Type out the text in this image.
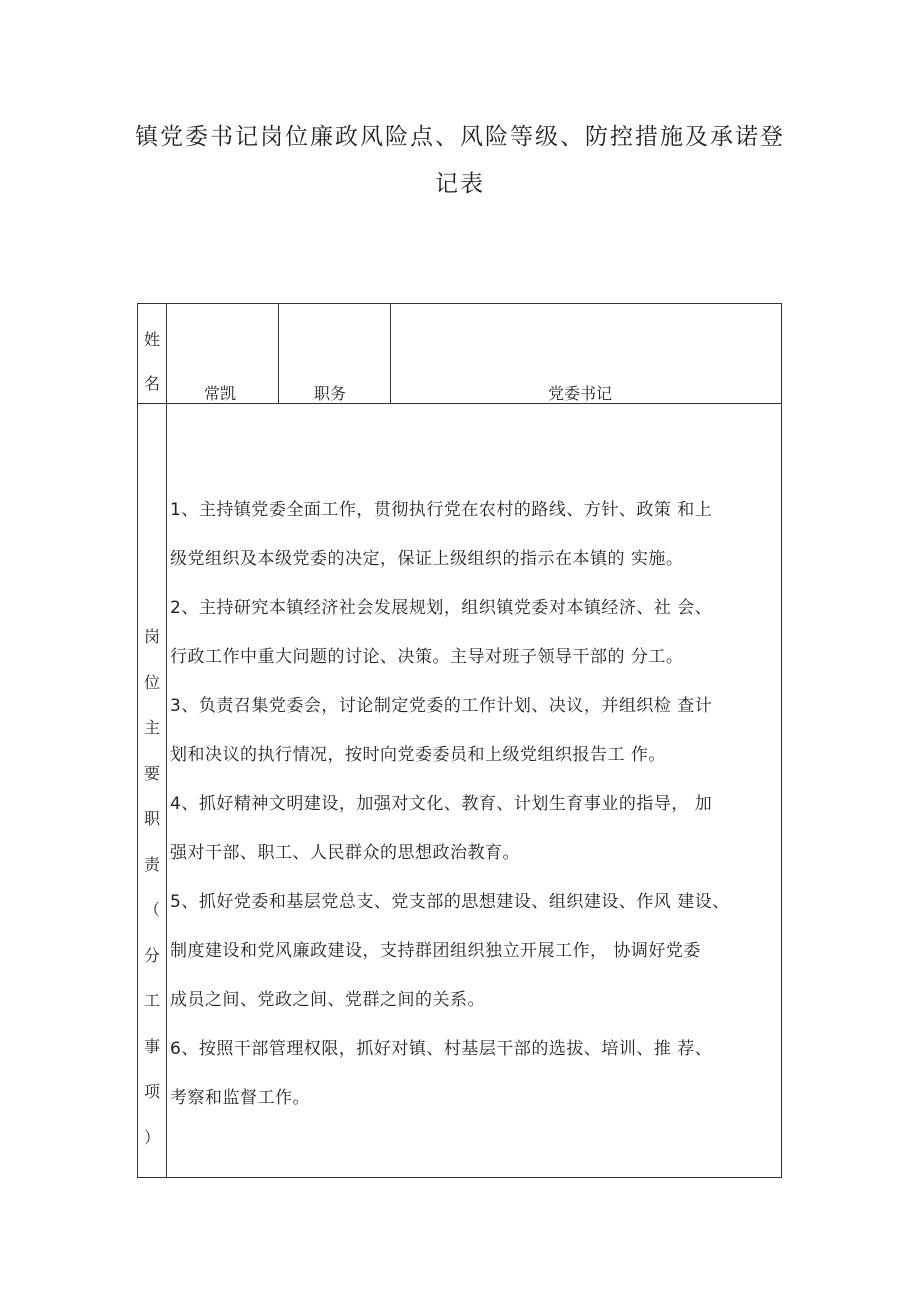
镇党委书记岗位廉政风险点、风险等级、防控措施及承诺登
记表
姓
名
常凯	职务	党委书记
岗
位
主
要
职
责
（
分
工
事
项
）
1、主持镇党委全面工作，贯彻执行党在农村的路线、方针、政策 和上
级党组织及本级党委的决定，保证上级组织的指示在本镇的 实施。
2、主持研究本镇经济社会发展规划，组织镇党委对本镇经济、社 会、
行政工作中重大问题的讨论、决策。主导对班子领导干部的 分工。
3、负责召集党委会，讨论制定党委的工作计划、决议，并组织检 查计
划和决议的执行情况，按时向党委委员和上级党组织报告工 作。
4、抓好精神文明建设，加强对文化、教育、计划生育事业的指导， 加
强对干部、职工、人民群众的思想政治教育。
5、抓好党委和基层党总支、党支部的思想建设、组织建设、作风 建设、
制度建设和党风廉政建设，支持群团组织独立开展工作， 协调好党委
成员之间、党政之间、党群之间的关系。
6、按照干部管理权限，抓好对镇、村基层干部的选拔、培训、推 荐、
考察和监督工作。
